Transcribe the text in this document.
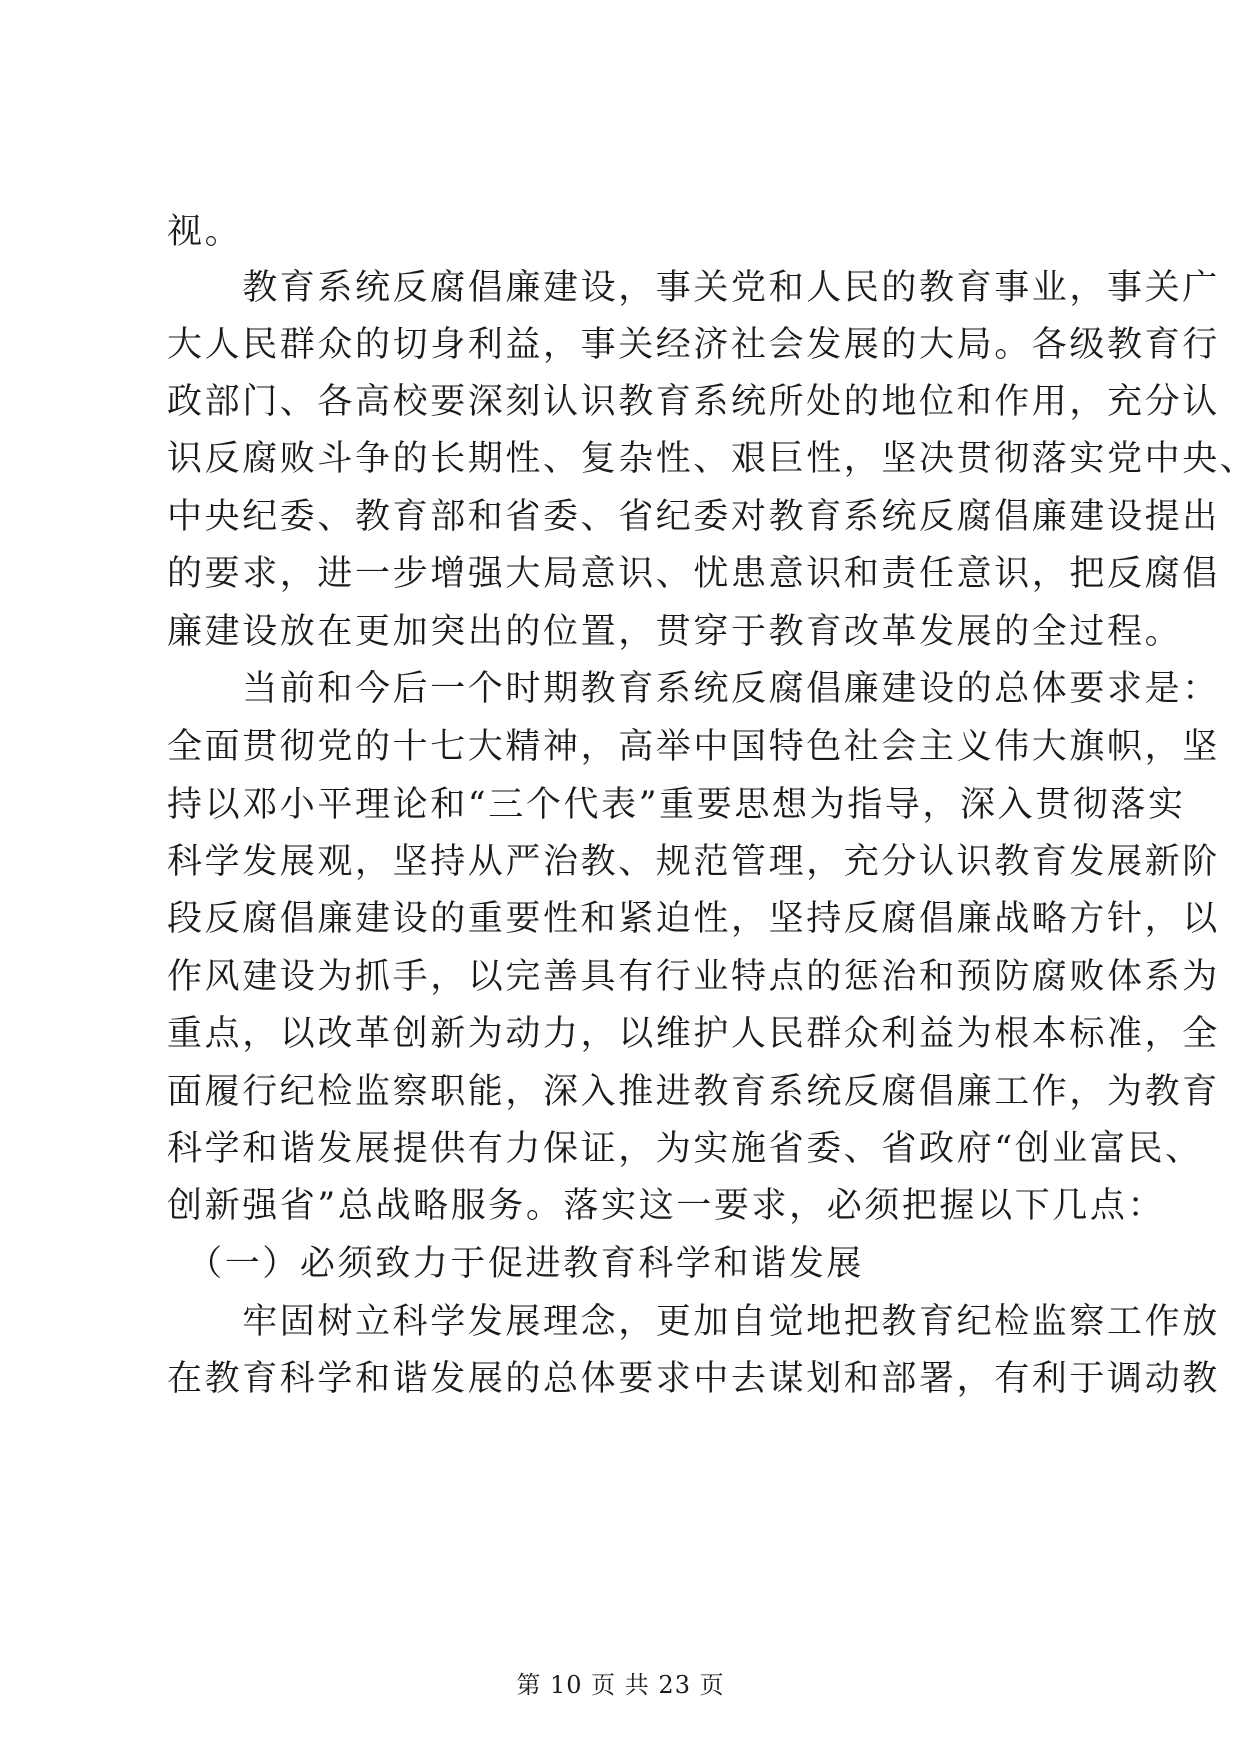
视。
　　教育系统反腐倡廉建设，事关党和人民的教育事业，事关广
大人民群众的切身利益，事关经济社会发展的大局。各级教育行
政部门、各高校要深刻认识教育系统所处的地位和作用，充分认
识反腐败斗争的长期性、复杂性、艰巨性，坚决贯彻落实党中央、
中央纪委、教育部和省委、省纪委对教育系统反腐倡廉建设提出
的要求，进一步增强大局意识、忧患意识和责任意识，把反腐倡
廉建设放在更加突出的位置，贯穿于教育改革发展的全过程。
　　当前和今后一个时期教育系统反腐倡廉建设的总体要求是：
全面贯彻党的十七大精神，高举中国特色社会主义伟大旗帜，坚
持以邓小平理论和“三个代表”重要思想为指导，深入贯彻落实
科学发展观，坚持从严治教、规范管理，充分认识教育发展新阶
段反腐倡廉建设的重要性和紧迫性，坚持反腐倡廉战略方针，以
作风建设为抓手，以完善具有行业特点的惩治和预防腐败体系为
重点，以改革创新为动力，以维护人民群众利益为根本标准，全
面履行纪检监察职能，深入推进教育系统反腐倡廉工作，为教育
科学和谐发展提供有力保证，为实施省委、省政府“创业富民、
创新强省”总战略服务。落实这一要求，必须把握以下几点：
　（一）必须致力于促进教育科学和谐发展
　　牢固树立科学发展理念，更加自觉地把教育纪检监察工作放
在教育科学和谐发展的总体要求中去谋划和部署，有利于调动教
第 10 页 共 23 页
